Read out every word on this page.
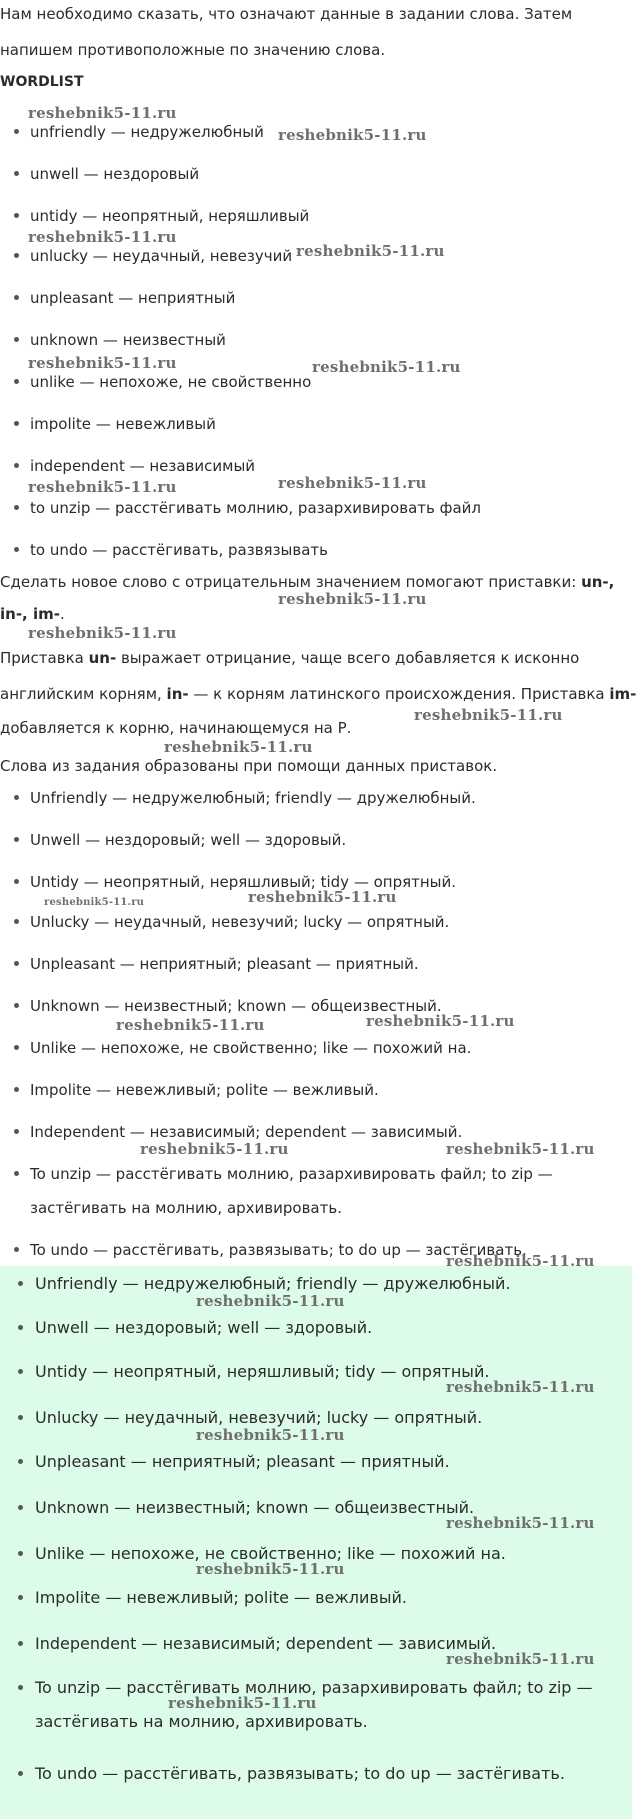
Нам необходимо сказать, что означают данные в задании слова. Затем
напишем противоположные по значению слова.
WORDLIST
unfriendly — недружелюбный
unwell — нездоровый
untidy — неопрятный, неряшливый
unlucky — неудачный, невезучий
unpleasant — неприятный
unknown — неизвестный
unlike — непохоже, не свойственно
impolite — невежливый
independent — независимый
to unzip — расстёгивать молнию, разархивировать файл
to undo — расстёгивать, развязывать
Сделать новое слово с отрицательным значением помогают приставки: un-,
in-, im-.
Приставка un- выражает отрицание, чаще всего добавляется к исконно
английским корням, in- — к корням латинского происхождения. Приставка im-
добавляется к корню, начинающемуся на Р.
Слова из задания образованы при помощи данных приставок.
Unfriendly — недружелюбный; friendly — дружелюбный.
Unwell — нездоровый; well — здоровый.
Untidy — неопрятный, неряшливый; tidy — опрятный.
Unlucky — неудачный, невезучий; lucky — опрятный.
Unpleasant — неприятный; pleasant — приятный.
Unknown — неизвестный; known — общеизвестный.
Unlike — непохоже, не свойственно; like — похожий на.
Impolite — невежливый; polite — вежливый.
Independent — независимый; dependent — зависимый.
To unzip — расстёгивать молнию, разархивировать файл; to zip —
застёгивать на молнию, архивировать.
To undo — расстёгивать, развязывать; to do up — застёгивать.
Unfriendly — недружелюбный; friendly — дружелюбный.
Unwell — нездоровый; well — здоровый.
Untidy — неопрятный, неряшливый; tidy — опрятный.
Unlucky — неудачный, невезучий; lucky — опрятный.
Unpleasant — неприятный; pleasant — приятный.
Unknown — неизвестный; known — общеизвестный.
Unlike — непохоже, не свойственно; like — похожий на.
Impolite — невежливый; polite — вежливый.
Independent — независимый; dependent — зависимый.
To unzip — расстёгивать молнию, разархивировать файл; to zip —
застёгивать на молнию, архивировать.
To undo — расстёгивать, развязывать; to do up — застёгивать.
reshebnik5-11.ru
reshebnik5-11.ru
reshebnik5-11.ru
reshebnik5-11.ru
reshebnik5-11.ru	reshebnik5-11.ru
reshebnik5-11.ru	reshebnik5-11.ru
reshebnik5-11.ru
reshebnik5-11.ru
reshebnik5-11.ru
reshebnik5-11.ru
reshebnik5-11.ru	reshebnik5-11.ru
reshebnik5-11.ru	reshebnik5-11.ru
reshebnik5-11.ru	reshebnik5-11.ru
reshebnik5-11.ru
reshebnik5-11.ru
reshebnik5-11.ru
reshebnik5-11.ru
reshebnik5-11.ru
reshebnik5-11.ru
reshebnik5-11.ru
reshebnik5-11.ru
